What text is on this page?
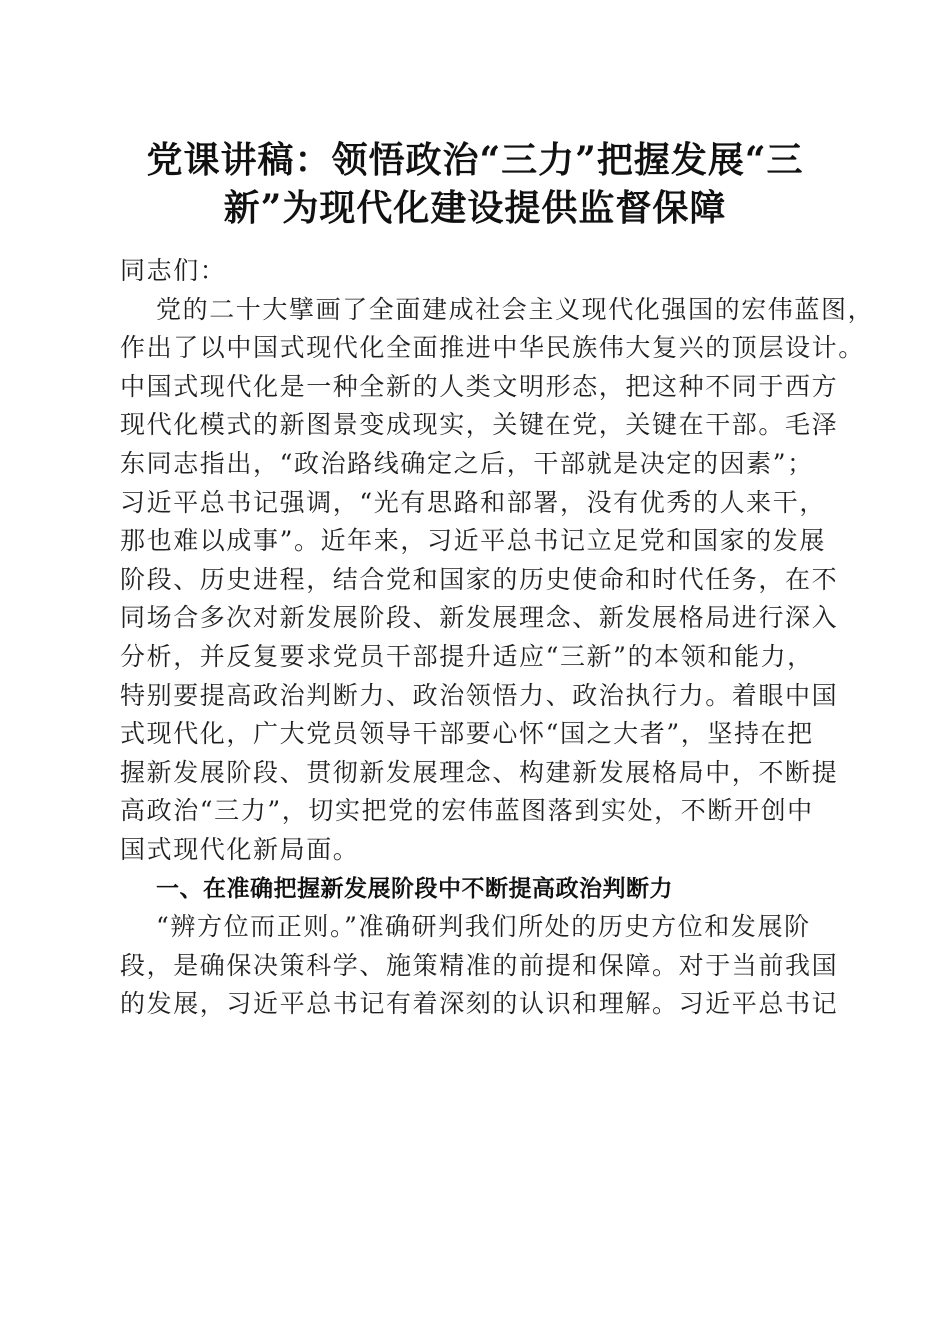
党课讲稿：领悟政治“三力”把握发展“三
新”为现代化建设提供监督保障
同志们：
党的二十大擘画了全面建成社会主义现代化强国的宏伟蓝图，
作出了以中国式现代化全面推进中华民族伟大复兴的顶层设计。
中国式现代化是一种全新的人类文明形态，把这种不同于西方
现代化模式的新图景变成现实，关键在党，关键在干部。毛泽
东同志指出，“政治路线确定之后，干部就是决定的因素”；
习近平总书记强调，“光有思路和部署，没有优秀的人来干，
那也难以成事”。近年来，习近平总书记立足党和国家的发展
阶段、历史进程，结合党和国家的历史使命和时代任务，在不
同场合多次对新发展阶段、新发展理念、新发展格局进行深入
分析，并反复要求党员干部提升适应“三新”的本领和能力，
特别要提高政治判断力、政治领悟力、政治执行力。着眼中国
式现代化，广大党员领导干部要心怀“国之大者”，坚持在把
握新发展阶段、贯彻新发展理念、构建新发展格局中，不断提
高政治“三力”，切实把党的宏伟蓝图落到实处，不断开创中
国式现代化新局面。
一、在准确把握新发展阶段中不断提高政治判断力
“辨方位而正则。”准确研判我们所处的历史方位和发展阶
段，是确保决策科学、施策精准的前提和保障。对于当前我国
的发展，习近平总书记有着深刻的认识和理解。习近平总书记
